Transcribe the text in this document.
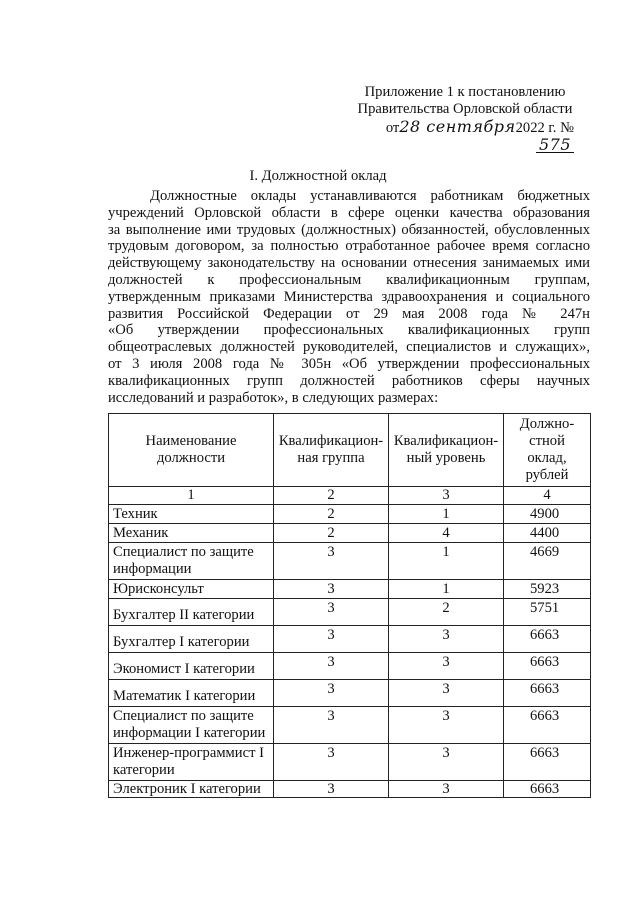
Приложение 1 к постановлению
Правительства Орловской области
от28 сентября2022 г. № 575
I. Должностной оклад
Должностные оклады устанавливаются работникам бюджетных
учреждений Орловской области в сфере оценки качества образования
за выполнение ими трудовых (должностных) обязанностей, обусловленных
трудовым договором, за полностью отработанное рабочее время согласно
действующему законодательству на основании отнесения занимаемых ими
должностей к профессиональным квалификационным группам,
утвержденным приказами Министерства здравоохранения и социального
развития Российской Федерации от 29 мая 2008 года № 247н
«Об утверждении профессиональных квалификационных групп
общеотраслевых должностей руководителей, специалистов и служащих»,
от 3 июля 2008 года № 305н «Об утверждении профессиональных
квалификационных групп должностей работников сферы научных
исследований и разработок», в следующих размерах:
Наименование должности	Квалификацион-ная группа	Квалификацион-ный уровень	Должно-стной оклад, рублей
1	2	3	4
Техник	2	1	4900
Механик	2	4	4400
Специалист по защите информации	3	1	4669
Юрисконсульт	3	1	5923
Бухгалтер II категории	3	2	5751
Бухгалтер I категории	3	3	6663
Экономист I категории	3	3	6663
Математик I категории	3	3	6663
Специалист по защите информации I категории	3	3	6663
Инженер-программист I категории	3	3	6663
Электроник I категории	3	3	6663
